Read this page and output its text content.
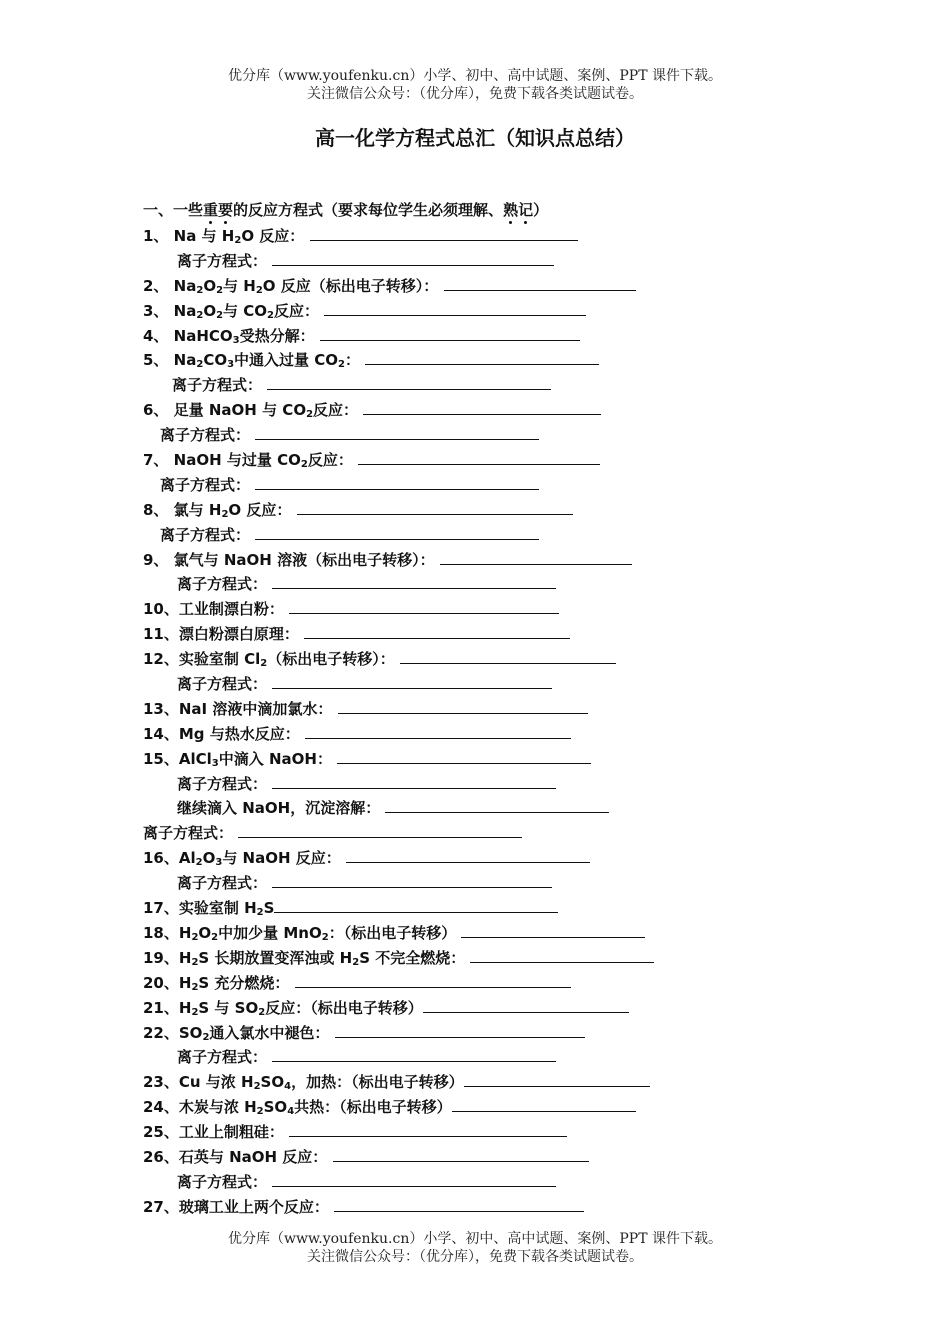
优分库（www.youfenku.cn）小学、初中、高中试题、案例、PPT 课件下载。
关注微信公众号：（优分库），免费下载各类试题试卷。
高一化学方程式总汇（知识点总结）
一、一些重要的反应方程式（要求每位学生必须理解、熟记）
1、 Na 与 $H_2O$ 反应：
离子方程式：
2、 $Na_2O_2$与 $H_2O$ 反应（标出电子转移）：
3、 $Na_2O_2$与 $CO_2$反应：
4、 NaHCO$_3$受热分解：
5、 $Na_2CO_3$中通入过量 $CO_2$：
离子方程式：
6、 足量 NaOH 与 $CO_2$反应：
离子方程式：
7、 NaOH 与过量 $CO_2$反应：
离子方程式：
8、 氯与 $H_2O$ 反应：
离子方程式：
9、 氯气与 NaOH 溶液（标出电子转移）：
离子方程式：
10、工业制漂白粉：
11、漂白粉漂白原理：
12、实验室制 $Cl_2$（标出电子转移）：
离子方程式：
13、NaI 溶液中滴加氯水：
14、Mg 与热水反应：
15、AlCl$_3$中滴入 NaOH：
离子方程式：
继续滴入 NaOH，沉淀溶解：
离子方程式：
16、$Al_2O_3$与 NaOH 反应：
离子方程式：
17、实验室制 $H_2S$
18、$H_2O_2$中加少量 MnO$_2$：（标出电子转移）
19、$H_2S$ 长期放置变浑浊或 $H_2S$ 不完全燃烧：
20、$H_2S$ 充分燃烧：
21、$H_2S$ 与 $SO_2$反应：（标出电子转移）
22、$SO_2$通入氯水中褪色：
离子方程式：
23、Cu 与浓 $H_2SO_4$，加热：（标出电子转移）
24、木炭与浓 $H_2SO_4$共热：（标出电子转移）
25、工业上制粗硅：
26、石英与 NaOH 反应：
离子方程式：
27、玻璃工业上两个反应：
优分库（www.youfenku.cn）小学、初中、高中试题、案例、PPT 课件下载。
关注微信公众号：（优分库），免费下载各类试题试卷。
